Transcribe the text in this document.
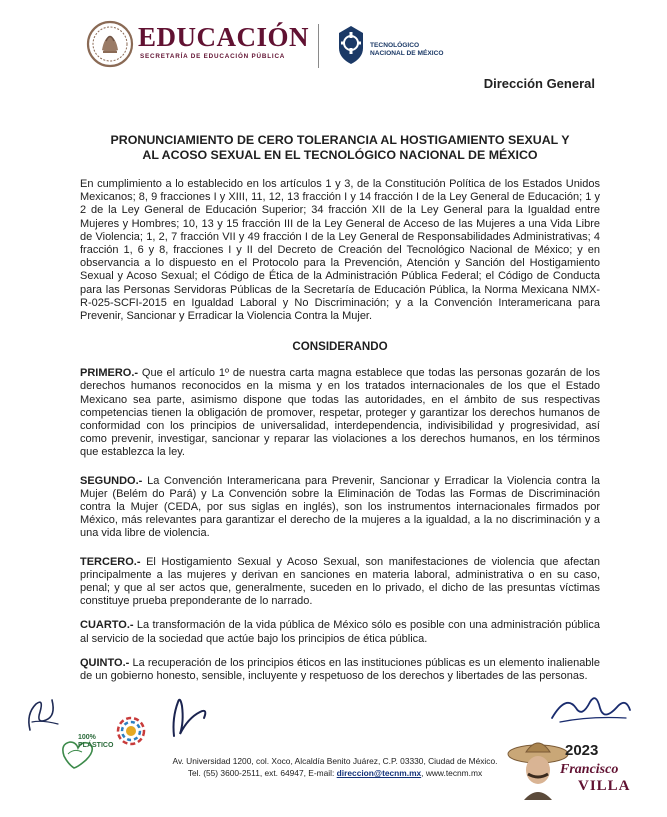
EDUCACIÓN
SECRETARÍA DE EDUCACIÓN PÚBLICA
TECNOLÓGICO
NACIONAL DE MÉXICO
Dirección General
PRONUNCIAMIENTO DE CERO TOLERANCIA AL HOSTIGAMIENTO SEXUAL Y
AL ACOSO SEXUAL EN EL TECNOLÓGICO NACIONAL DE MÉXICO

En cumplimiento a lo establecido en los artículos 1 y 3, de la Constitución Política de los Estados Unidos Mexicanos; 8, 9 fracciones I y XIII, 11, 12, 13 fracción I y 14 fracción I de la Ley General de Educación; 1 y 2 de la Ley General de Educación Superior; 34 fracción XII de la Ley General para la Igualdad entre Mujeres y Hombres; 10, 13 y 15 fracción III de la Ley General de Acceso de las Mujeres a una Vida Libre de Violencia; 1, 2, 7 fracción VII y 49 fracción I de la Ley General de Responsabilidades Administrativas; 4 fracción 1, 6 y 8, fracciones I y II del Decreto de Creación del Tecnológico Nacional de México; y en observancia a lo dispuesto en el Protocolo para la Prevención, Atención y Sanción del Hostigamiento Sexual y Acoso Sexual; el Código de Ética de la Administración Pública Federal; el Código de Conducta para las Personas Servidoras Públicas de la Secretaría de Educación Pública, la Norma Mexicana NMX-R-025-SCFI-2015 en Igualdad Laboral y No Discriminación; y a la Convención Interamericana para Prevenir, Sancionar y Erradicar la Violencia Contra la Mujer.

CONSIDERANDO

PRIMERO.- Que el artículo 1º de nuestra carta magna establece que todas las personas gozarán de los derechos humanos reconocidos en la misma y en los tratados internacionales de los que el Estado Mexicano sea parte, asimismo dispone que todas las autoridades, en el ámbito de sus respectivas competencias tienen la obligación de promover, respetar, proteger y garantizar los derechos humanos de conformidad con los principios de universalidad, interdependencia, indivisibilidad y progresividad, así como prevenir, investigar, sancionar y reparar las violaciones a los derechos humanos, en los términos que establezca la ley.

SEGUNDO.- La Convención Interamericana para Prevenir, Sancionar y Erradicar la Violencia contra la Mujer (Belém do Pará) y La Convención sobre la Eliminación de Todas las Formas de Discriminación contra la Mujer (CEDA, por sus siglas en inglés), son los instrumentos internacionales firmados por México, más relevantes para garantizar el derecho de la mujeres a la igualdad, a la no discriminación y a una vida libre de violencia.

TERCERO.- El Hostigamiento Sexual y Acoso Sexual, son manifestaciones de violencia que afectan principalmente a las mujeres y derivan en sanciones en materia laboral, administrativa o en su caso, penal; y que al ser actos que, generalmente, suceden en lo privado, el dicho de las presuntas víctimas constituye prueba preponderante de lo narrado.

CUARTO.- La transformación de la vida pública de México sólo es posible con una administración pública al servicio de la sociedad que actúe bajo los principios de ética pública.

QUINTO.- La recuperación de los principios éticos en las instituciones públicas es un elemento inalienable de un gobierno honesto, sensible, incluyente y respetuoso de los derechos y libertades de las personas.

100%
PLÁSTICO
Av. Universidad 1200, col. Xoco, Alcaldía Benito Juárez, C.P. 03330, Ciudad de México.
Tel. (55) 3600-2511, ext. 64947, E-mail: direccion@tecnm.mx, www.tecnm.mx
2023
Francisco
VILLA
